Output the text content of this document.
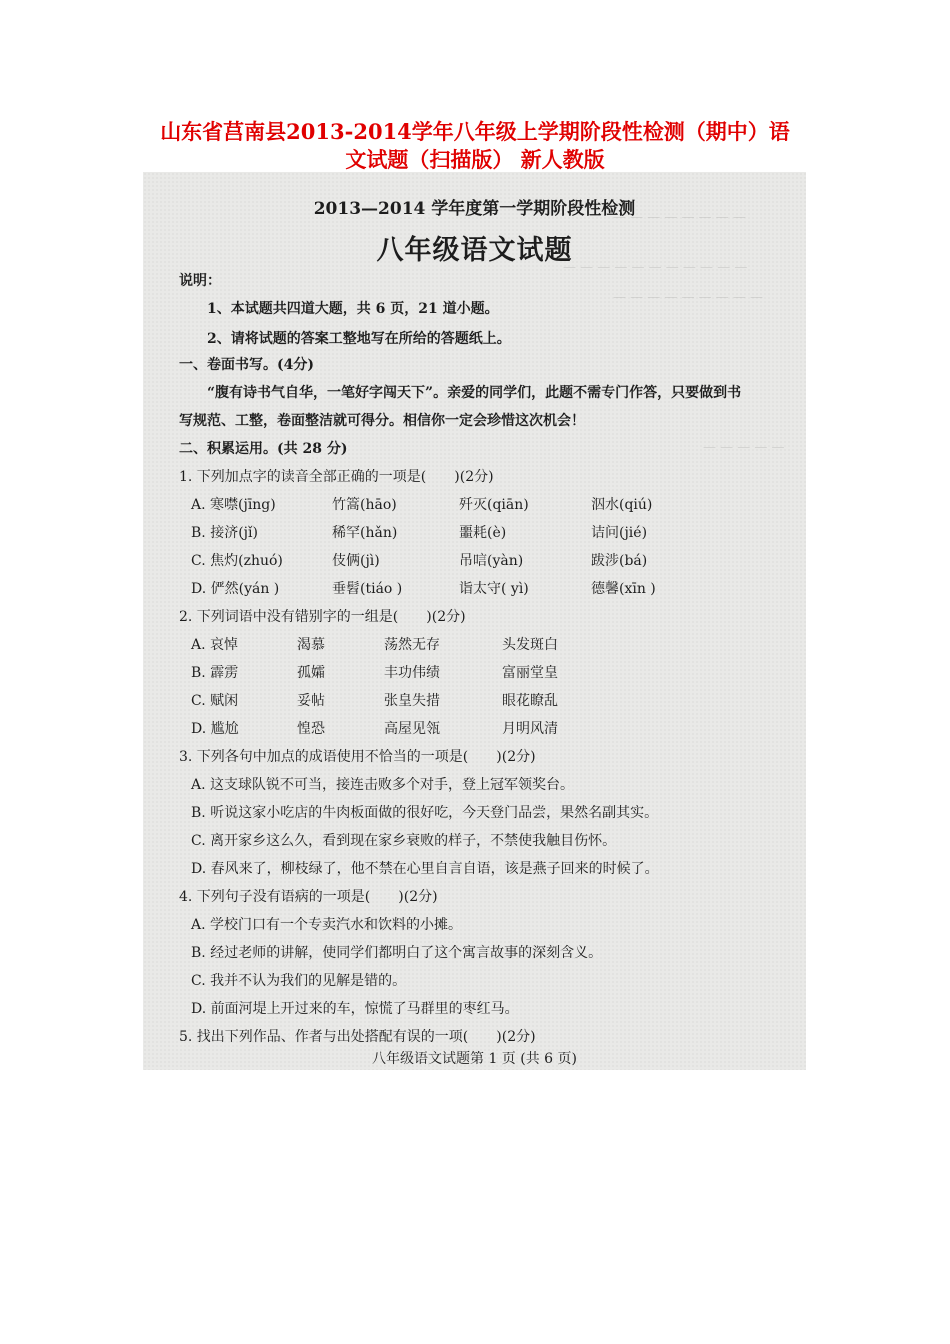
山东省莒南县2013-2014学年八年级上学期阶段性检测（期中）语
文试题（扫描版） 新人教版
— — — — — — — —
— — — — — — — — — — —
— — — — — — — — —
— — — — —
2013—2014 学年度第一学期阶段性检测
八年级语文试题
说明：
1、本试题共四道大题，共 6 页，21 道小题。
2、请将试题的答案工整地写在所给的答题纸上。
一、卷面书写。(4分)
“腹有诗书气自华，一笔好字闯天下”。亲爱的同学们，此题不需专门作答，只要做到书
写规范、工整，卷面整洁就可得分。相信你一定会珍惜这次机会！
二、积累运用。(共 28 分)
1. 下列加点字的读音全部正确的一项是(　　)(2分)
A. 寒噤(jīng)	竹篙(hāo)	歼灭(qiān)	泅水(qiú)
B. 接济(jǐ)	稀罕(hǎn)	噩耗(è)	诘问(jié)
C. 焦灼(zhuó)	伎俩(jì)	吊唁(yàn)	跋涉(bá)
D. 俨然(yán )	垂髫(tiáo )	诣太守( yì)	德馨(xīn )
2. 下列词语中没有错别字的一组是(　　)(2分)
A. 哀悼	渴慕	荡然无存	头发斑白
B. 霹雳	孤孀	丰功伟绩	富丽堂皇
C. 赋闲	妥帖	张皇失措	眼花瞭乱
D. 尴尬	惶恐	高屋见瓴	月明风清
3. 下列各句中加点的成语使用不恰当的一项是(　　)(2分)
A. 这支球队锐不可当，接连击败多个对手，登上冠军领奖台。
B. 听说这家小吃店的牛肉板面做的很好吃，今天登门品尝，果然名副其实。
C. 离开家乡这么久，看到现在家乡衰败的样子，不禁使我触目伤怀。
D. 春风来了，柳枝绿了，他不禁在心里自言自语，该是燕子回来的时候了。
4. 下列句子没有语病的一项是(　　)(2分)
A. 学校门口有一个专卖汽水和饮料的小摊。
B. 经过老师的讲解，使同学们都明白了这个寓言故事的深刻含义。
C. 我并不认为我们的见解是错的。
D. 前面河堤上开过来的车，惊慌了马群里的枣红马。
5. 找出下列作品、作者与出处搭配有误的一项(　　)(2分)
八年级语文试题第 1 页 (共 6 页)
